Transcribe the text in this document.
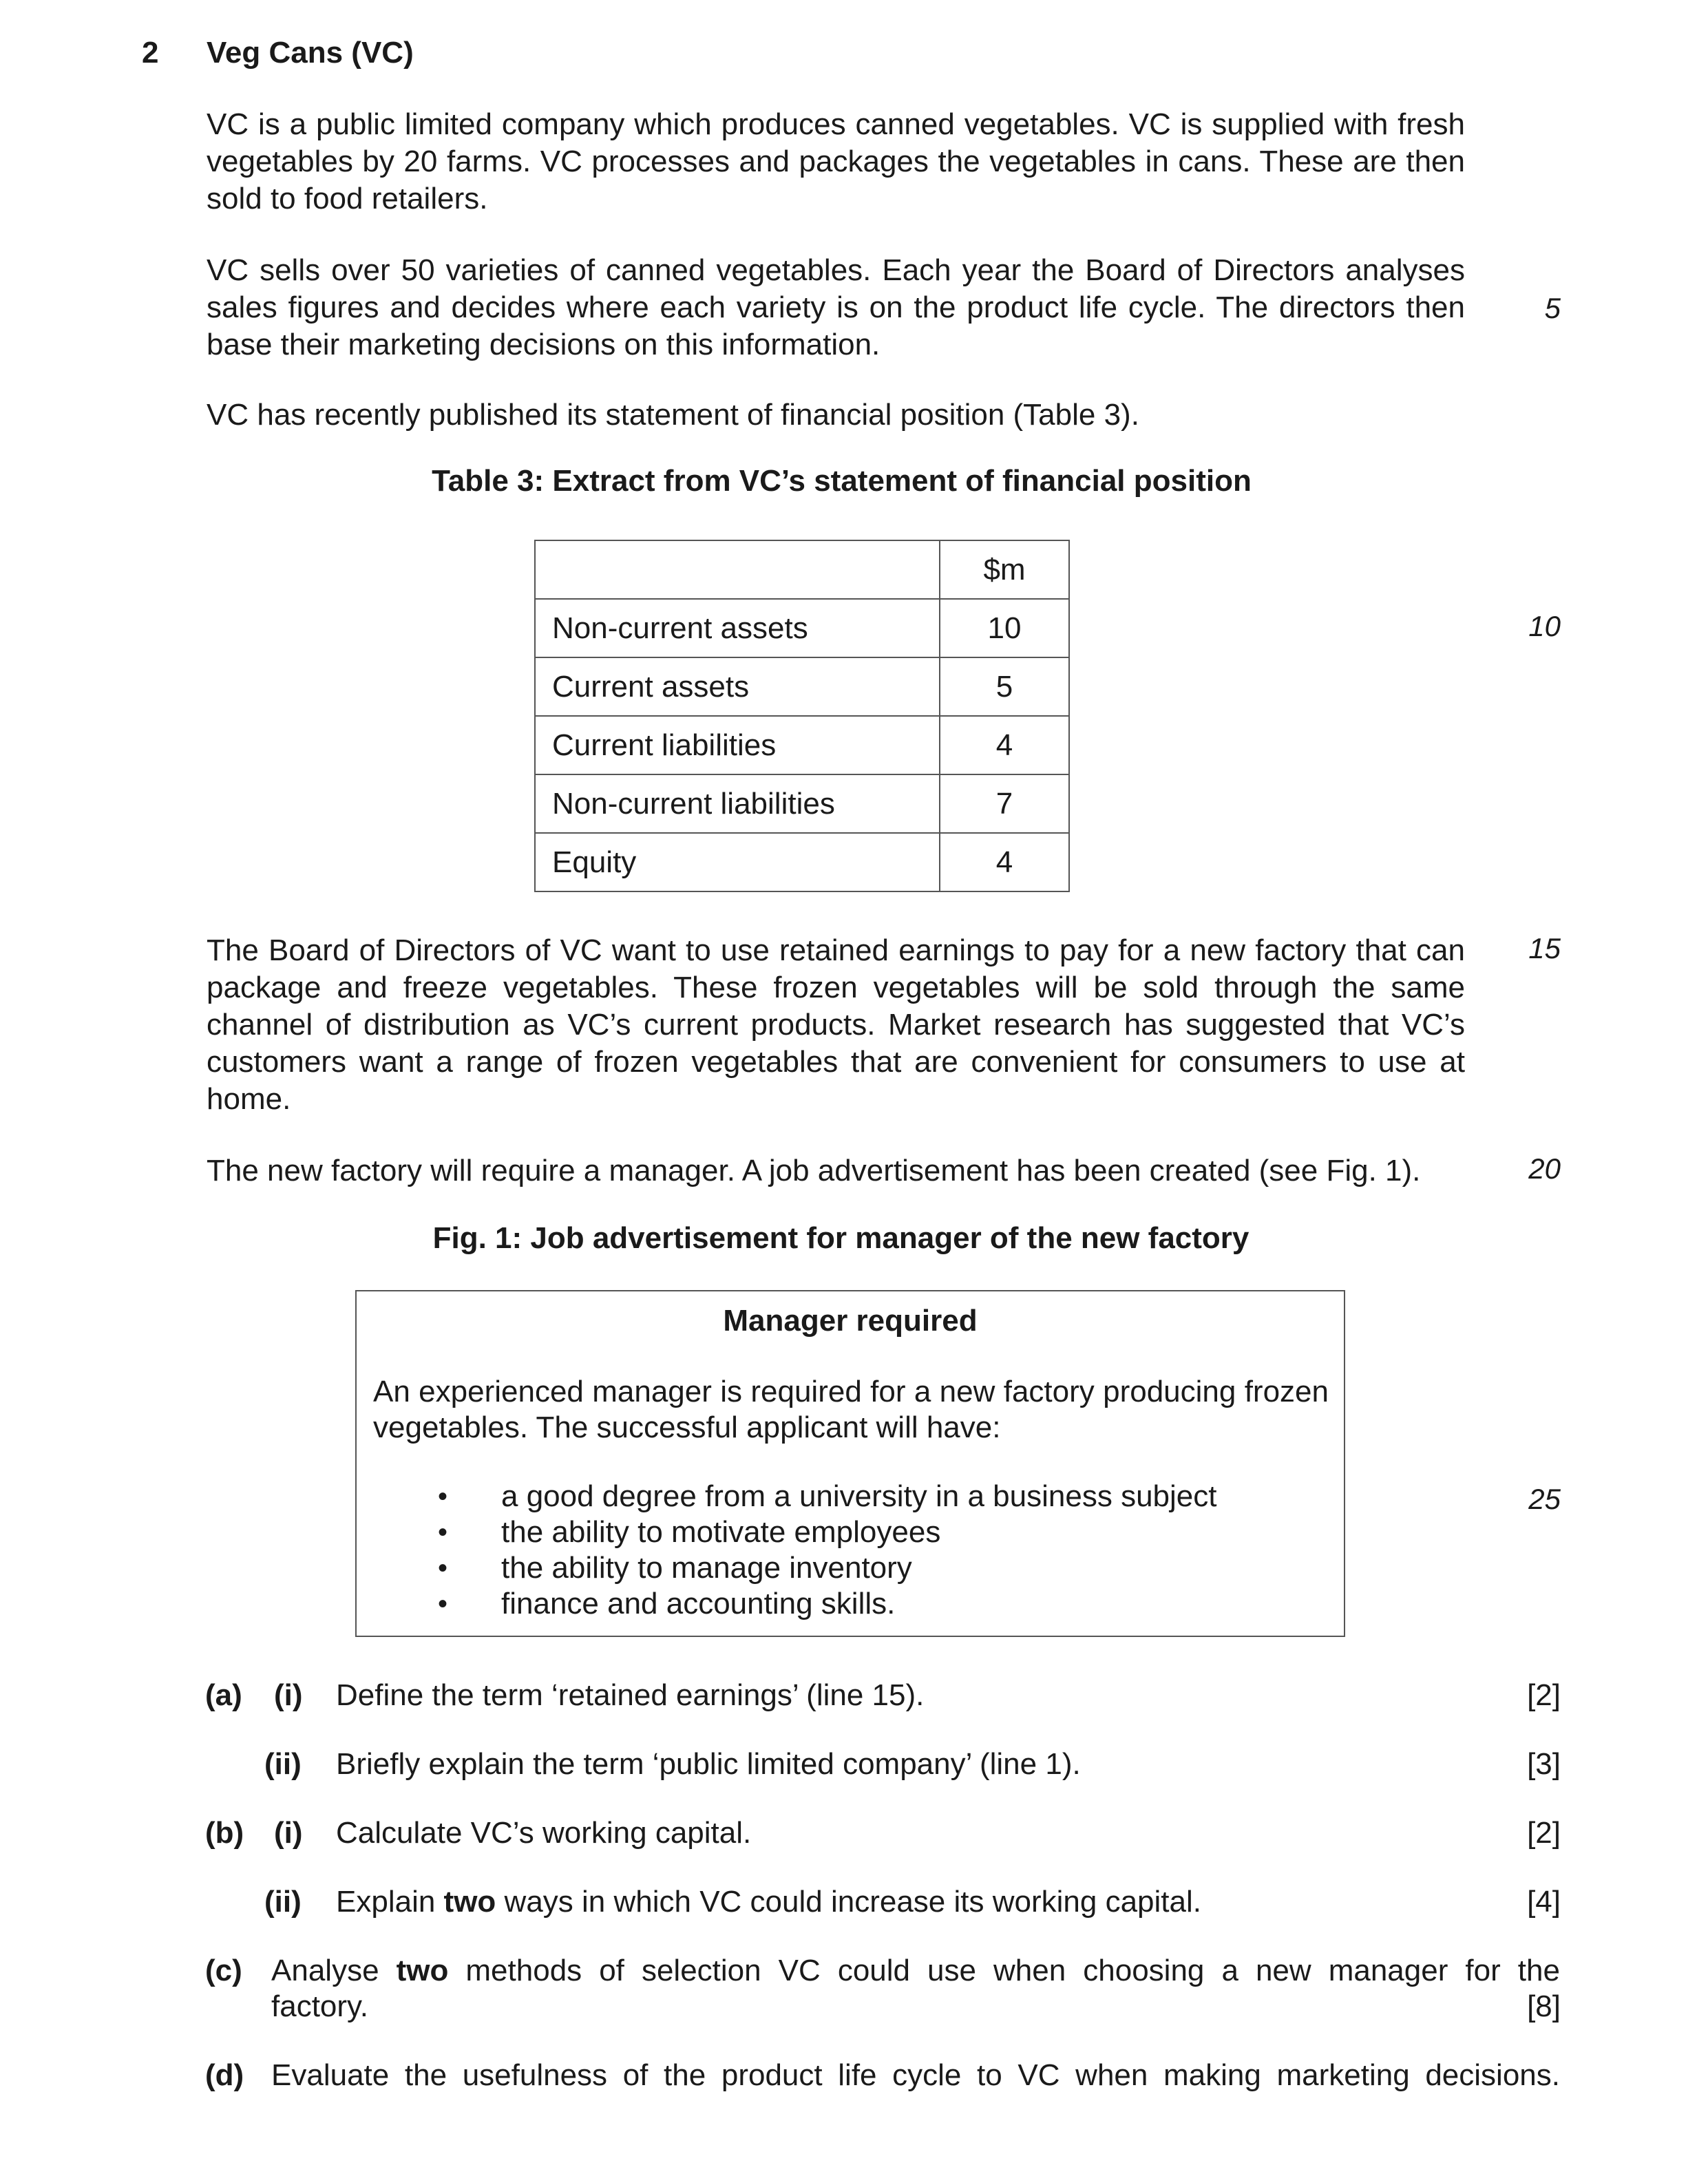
2 Veg Cans (VC)
VC is a public limited company which produces canned vegetables. VC is supplied with fresh vegetables by 20 farms. VC processes and packages the vegetables in cans. These are then sold to food retailers.
VC sells over 50 varieties of canned vegetables. Each year the Board of Directors analyses sales figures and decides where each variety is on the product life cycle. The directors then base their marketing decisions on this information.
5
VC has recently published its statement of financial position (Table 3).
Table 3: Extract from VC’s statement of financial position
	$m
Non-current assets	10
Current assets	5
Current liabilities	4
Non-current liabilities	7
Equity	4
10
The Board of Directors of VC want to use retained earnings to pay for a new factory that can package and freeze vegetables. These frozen vegetables will be sold through the same channel of distribution as VC’s current products. Market research has suggested that VC’s customers want a range of frozen vegetables that are convenient for consumers to use at home.
15
The new factory will require a manager. A job advertisement has been created (see Fig. 1).	20
Fig. 1: Job advertisement for manager of the new factory
Manager required
An experienced manager is required for a new factory producing frozen vegetables. The successful applicant will have:
• a good degree from a university in a business subject
• the ability to motivate employees
• the ability to manage inventory
• finance and accounting skills.
25
(a) (i) Define the term ‘retained earnings’ (line 15).	[2]
(ii) Briefly explain the term ‘public limited company’ (line 1).	[3]
(b) (i) Calculate VC’s working capital.	[2]
(ii) Explain two ways in which VC could increase its working capital.	[4]
(c) Analyse two methods of selection VC could use when choosing a new manager for the
factory.	[8]
(d) Evaluate the usefulness of the product life cycle to VC when making marketing decisions.
